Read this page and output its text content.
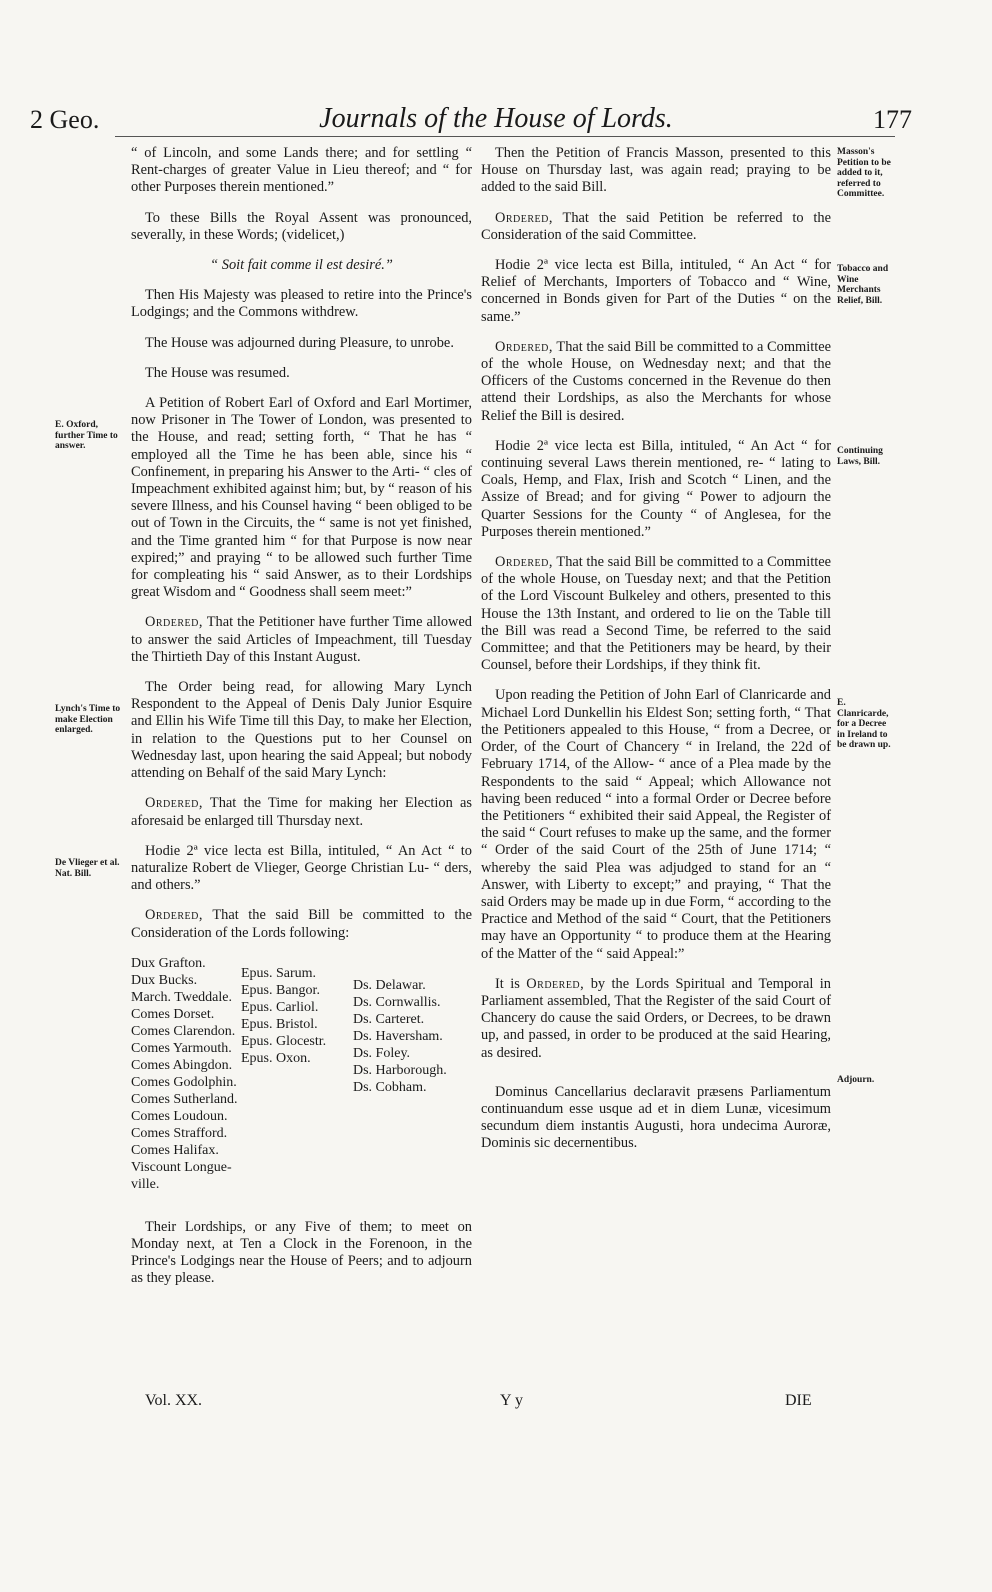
2 Geo.	Journals of the House of Lords.	177
E. Oxford, further Time to answer.
Lynch's Time to make Election enlarged.
De Vlieger et al. Nat. Bill.
Masson's Petition to be added to it, referred to Committee.
Tobacco and Wine Merchants Relief, Bill.
Continuing Laws, Bill.
E. Clanricarde, for a Decree in Ireland to be drawn up.
Adjourn.

“ of Lincoln, and some Lands there; and for settling “ Rent-charges of greater Value in Lieu thereof; and “ for other Purposes therein mentioned.”

To these Bills the Royal Assent was pronounced, severally, in these Words; (videlicet,)

“ Soit fait comme il est desiré.”

Then His Majesty was pleased to retire into the Prince's Lodgings; and the Commons withdrew.

The House was adjourned during Pleasure, to unrobe.

The House was resumed.

A Petition of Robert Earl of Oxford and Earl Mortimer, now Prisoner in The Tower of London, was presented to the House, and read; setting forth, “ That he has “ employed all the Time he has been able, since his “ Confinement, in preparing his Answer to the Arti- “ cles of Impeachment exhibited against him; but, by “ reason of his severe Illness, and his Counsel having “ been obliged to be out of Town in the Circuits, the “ same is not yet finished, and the Time granted him “ for that Purpose is now near expired;” and praying “ to be allowed such further Time for compleating his “ said Answer, as to their Lordships great Wisdom and “ Goodness shall seem meet:”

Ordered, That the Petitioner have further Time allowed to answer the said Articles of Impeachment, till Tuesday the Thirtieth Day of this Instant August.

The Order being read, for allowing Mary Lynch Respondent to the Appeal of Denis Daly Junior Esquire and Ellin his Wife Time till this Day, to make her Election, in relation to the Questions put to her Counsel on Wednesday last, upon hearing the said Appeal; but nobody attending on Behalf of the said Mary Lynch:

Ordered, That the Time for making her Election as aforesaid be enlarged till Thursday next.

Hodie 2ª vice lecta est Billa, intituled, “ An Act “ to naturalize Robert de Vlieger, George Christian Lu- “ ders, and others.”

Ordered, That the said Bill be committed to the Consideration of the Lords following:

Dux Grafton.
Dux Bucks.
March. Tweddale.
Comes Dorset.
Comes Clarendon.
Comes Yarmouth.
Comes Abingdon.
Comes Godolphin.
Comes Sutherland.
Comes Loudoun.
Comes Strafford.
Comes Halifax.
Viscount Longue-
ville.
Epus. Sarum.
Epus. Bangor.
Epus. Carliol.
Epus. Bristol.
Epus. Glocestr.
Epus. Oxon.
Ds. Delawar.
Ds. Cornwallis.
Ds. Carteret.
Ds. Haversham.
Ds. Foley.
Ds. Harborough.
Ds. Cobham.

Their Lordships, or any Five of them; to meet on Monday next, at Ten a Clock in the Forenoon, in the Prince's Lodgings near the House of Peers; and to adjourn as they please.

Then the Petition of Francis Masson, presented to this House on Thursday last, was again read; praying to be added to the said Bill.

Ordered, That the said Petition be referred to the Consideration of the said Committee.

Hodie 2ª vice lecta est Billa, intituled, “ An Act “ for Relief of Merchants, Importers of Tobacco and “ Wine, concerned in Bonds given for Part of the Duties “ on the same.”

Ordered, That the said Bill be committed to a Committee of the whole House, on Wednesday next; and that the Officers of the Customs concerned in the Revenue do then attend their Lordships, as also the Merchants for whose Relief the Bill is desired.

Hodie 2ª vice lecta est Billa, intituled, “ An Act “ for continuing several Laws therein mentioned, re- “ lating to Coals, Hemp, and Flax, Irish and Scotch “ Linen, and the Assize of Bread; and for giving “ Power to adjourn the Quarter Sessions for the County “ of Anglesea, for the Purposes therein mentioned.”

Ordered, That the said Bill be committed to a Committee of the whole House, on Tuesday next; and that the Petition of the Lord Viscount Bulkeley and others, presented to this House the 13th Instant, and ordered to lie on the Table till the Bill was read a Second Time, be referred to the said Committee; and that the Petitioners may be heard, by their Counsel, before their Lordships, if they think fit.

Upon reading the Petition of John Earl of Clanricarde and Michael Lord Dunkellin his Eldest Son; setting forth, “ That the Petitioners appealed to this House, “ from a Decree, or Order, of the Court of Chancery “ in Ireland, the 22d of February 1714, of the Allow- “ ance of a Plea made by the Respondents to the said “ Appeal; which Allowance not having been reduced “ into a formal Order or Decree before the Petitioners “ exhibited their said Appeal, the Register of the said “ Court refuses to make up the same, and the former “ Order of the said Court of the 25th of June 1714; “ whereby the said Plea was adjudged to stand for an “ Answer, with Liberty to except;” and praying, “ That the said Orders may be made up in due Form, “ according to the Practice and Method of the said “ Court, that the Petitioners may have an Opportunity “ to produce them at the Hearing of the Matter of the “ said Appeal:”

It is Ordered, by the Lords Spiritual and Temporal in Parliament assembled, That the Register of the said Court of Chancery do cause the said Orders, or Decrees, to be drawn up, and passed, in order to be produced at the said Hearing, as desired.

Dominus Cancellarius declaravit præsens Parliamentum continuandum esse usque ad et in diem Lunæ, vicesimum secundum diem instantis Augusti, hora undecima Auroræ, Dominis sic decernentibus.

Vol. XX.	Y y	DIE
